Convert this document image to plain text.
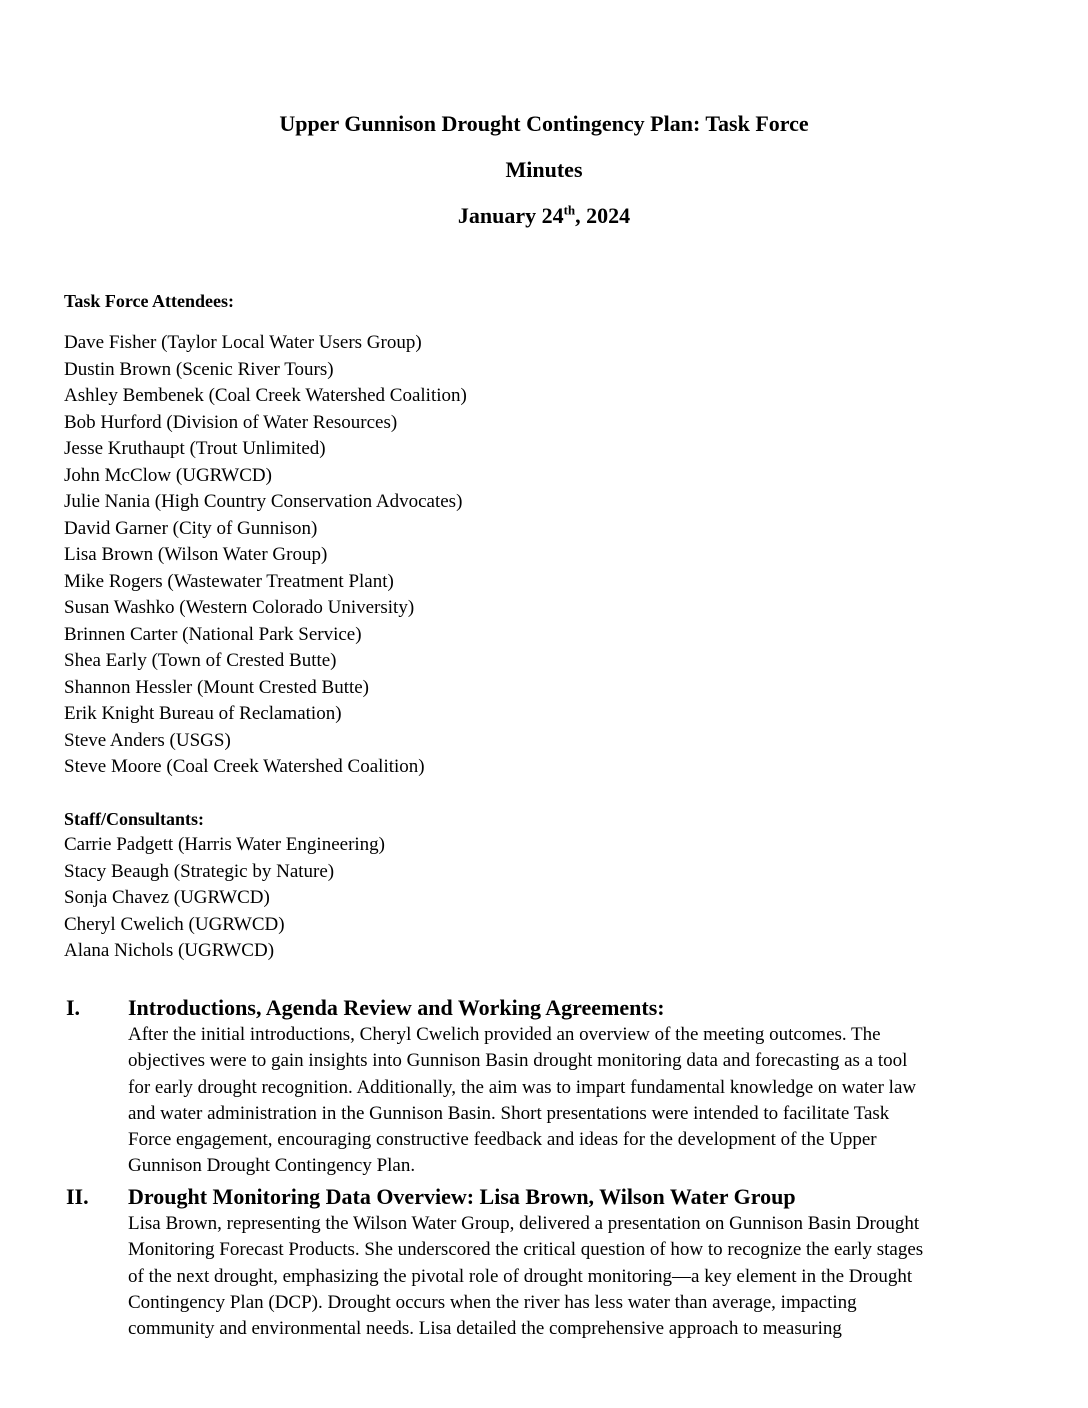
Upper Gunnison Drought Contingency Plan: Task Force
Minutes
January 24th, 2024
Task Force Attendees:
Dave Fisher (Taylor Local Water Users Group)
Dustin Brown (Scenic River Tours)
Ashley Bembenek (Coal Creek Watershed Coalition)
Bob Hurford (Division of Water Resources)
Jesse Kruthaupt (Trout Unlimited)
John McClow (UGRWCD)
Julie Nania (High Country Conservation Advocates)
David Garner (City of Gunnison)
Lisa Brown (Wilson Water Group)
Mike Rogers (Wastewater Treatment Plant)
Susan Washko (Western Colorado University)
Brinnen Carter (National Park Service)
Shea Early (Town of Crested Butte)
Shannon Hessler (Mount Crested Butte)
Erik Knight Bureau of Reclamation)
Steve Anders (USGS)
Steve Moore (Coal Creek Watershed Coalition)
Staff/Consultants:
Carrie Padgett (Harris Water Engineering)
Stacy Beaugh (Strategic by Nature)
Sonja Chavez (UGRWCD)
Cheryl Cwelich (UGRWCD)
Alana Nichols (UGRWCD)
I.	Introductions, Agenda Review and Working Agreements:
After the initial introductions, Cheryl Cwelich provided an overview of the meeting outcomes. The
objectives were to gain insights into Gunnison Basin drought monitoring data and forecasting as a tool
for early drought recognition. Additionally, the aim was to impart fundamental knowledge on water law
and water administration in the Gunnison Basin. Short presentations were intended to facilitate Task
Force engagement, encouraging constructive feedback and ideas for the development of the Upper
Gunnison Drought Contingency Plan.
II.	Drought Monitoring Data Overview: Lisa Brown, Wilson Water Group
Lisa Brown, representing the Wilson Water Group, delivered a presentation on Gunnison Basin Drought
Monitoring Forecast Products. She underscored the critical question of how to recognize the early stages
of the next drought, emphasizing the pivotal role of drought monitoring—a key element in the Drought
Contingency Plan (DCP). Drought occurs when the river has less water than average, impacting
community and environmental needs. Lisa detailed the comprehensive approach to measuring
